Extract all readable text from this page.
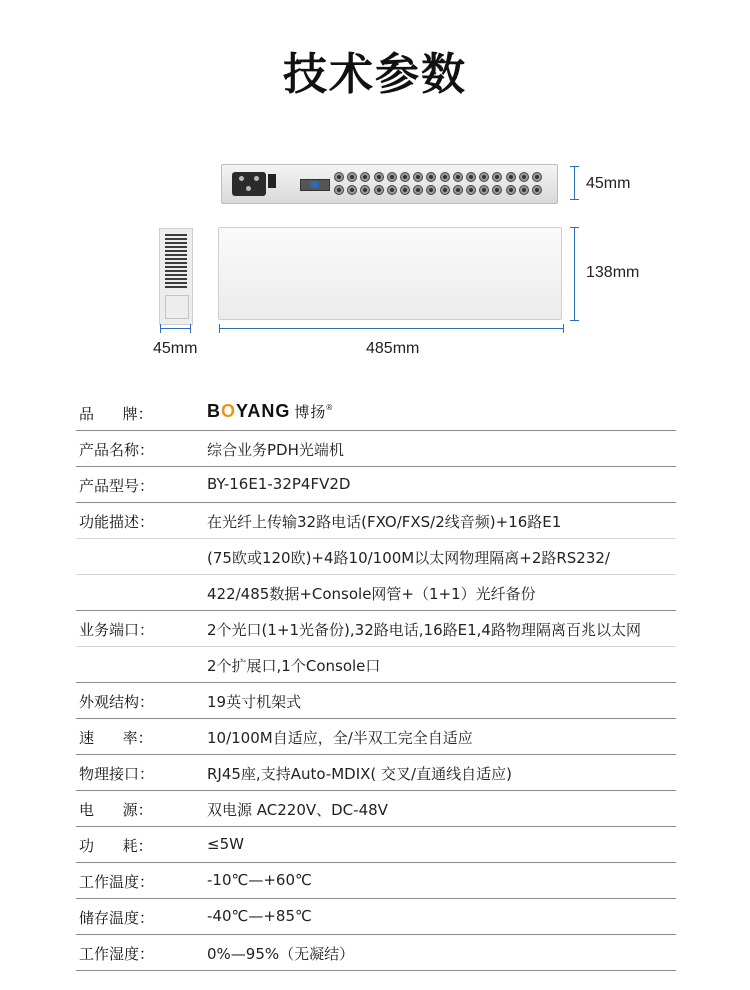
技术参数
45mm
138mm
45mm	485mm
品      牌：	BOYANG 博扬®
产品名称：	综合业务PDH光端机
产品型号：	BY-16E1-32P4FV2D
功能描述：	在光纤上传输32路电话(FXO/FXS/2线音频)+16路E1
(75欧或120欧)+4路10/100M以太网物理隔离+2路RS232/
422/485数据+Console网管+（1+1）光纤备份
业务端口：	2个光口(1+1光备份),32路电话,16路E1,4路物理隔离百兆以太网
2个扩展口,1个Console口
外观结构：	19英寸机架式
速      率：	10/100M自适应，全/半双工完全自适应
物理接口：	RJ45座,支持Auto-MDIX( 交叉/直通线自适应)
电      源：	双电源 AC220V、DC-48V
功      耗：	≤5W
工作温度：	-10℃—+60℃
储存温度：	-40℃—+85℃
工作湿度：	0%—95%（无凝结）
